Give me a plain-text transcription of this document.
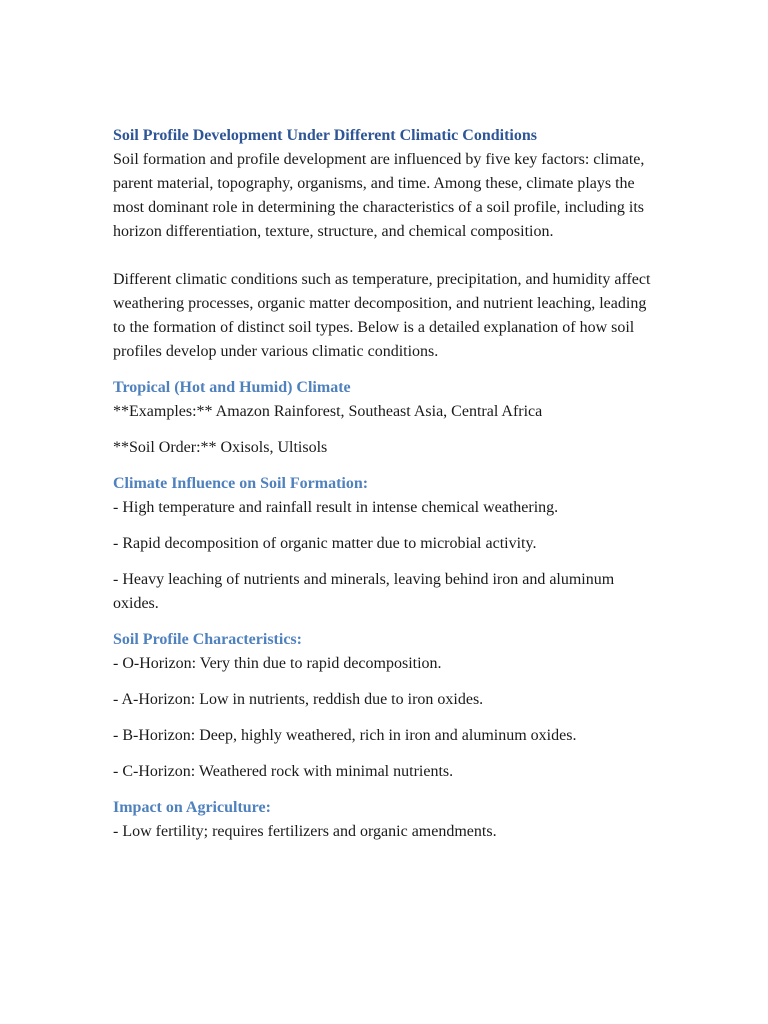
Soil Profile Development Under Different Climatic Conditions

Soil formation and profile development are influenced by five key factors: climate, parent material, topography, organisms, and time. Among these, climate plays the most dominant role in determining the characteristics of a soil profile, including its horizon differentiation, texture, structure, and chemical composition.

Different climatic conditions such as temperature, precipitation, and humidity affect weathering processes, organic matter decomposition, and nutrient leaching, leading to the formation of distinct soil types. Below is a detailed explanation of how soil profiles develop under various climatic conditions.

Tropical (Hot and Humid) Climate

**Examples:** Amazon Rainforest, Southeast Asia, Central Africa

**Soil Order:** Oxisols, Ultisols

Climate Influence on Soil Formation:

- High temperature and rainfall result in intense chemical weathering.

- Rapid decomposition of organic matter due to microbial activity.

- Heavy leaching of nutrients and minerals, leaving behind iron and aluminum oxides.

Soil Profile Characteristics:

- O-Horizon: Very thin due to rapid decomposition.

- A-Horizon: Low in nutrients, reddish due to iron oxides.

- B-Horizon: Deep, highly weathered, rich in iron and aluminum oxides.

- C-Horizon: Weathered rock with minimal nutrients.

Impact on Agriculture:

- Low fertility; requires fertilizers and organic amendments.
